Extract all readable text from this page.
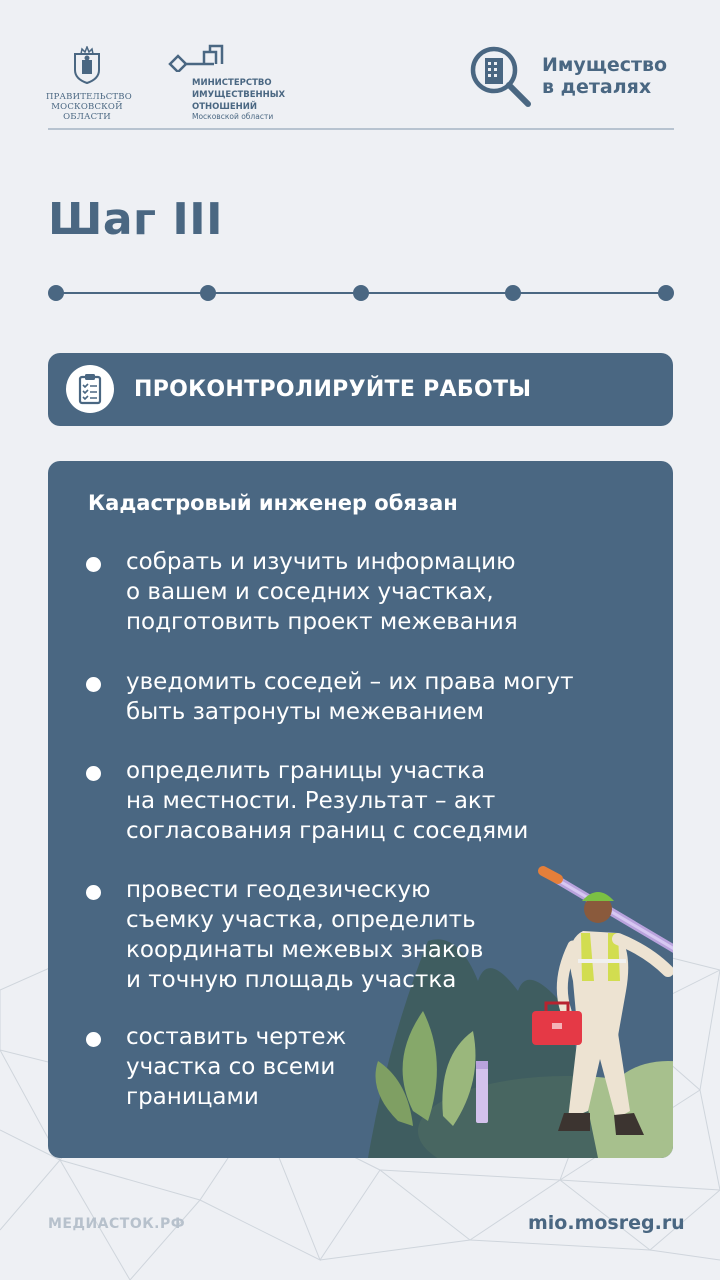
ПРАВИТЕЛЬСТВО МОСКОВСКОЙ ОБЛАСТИ
МИНИСТЕРСТВО
ИМУЩЕСТВЕННЫХ
ОТНОШЕНИЙ
Московской области
Имущество
в деталях
Шаг III
ПРОКОНТРОЛИРУЙТЕ РАБОТЫ
Кадастровый инженер обязан
собрать и изучить информацию
о вашем и соседних участках,
подготовить проект межевания
уведомить соседей – их права могут
быть затронуты межеванием
определить границы участка
на местности. Результат – акт
согласования границ с соседями
провести геодезическую
съемку участка, определить
координаты межевых знаков
и точную площадь участка
составить чертеж
участка со всеми
границами
МЕДИАСТОК.РФ	mio.mosreg.ru
